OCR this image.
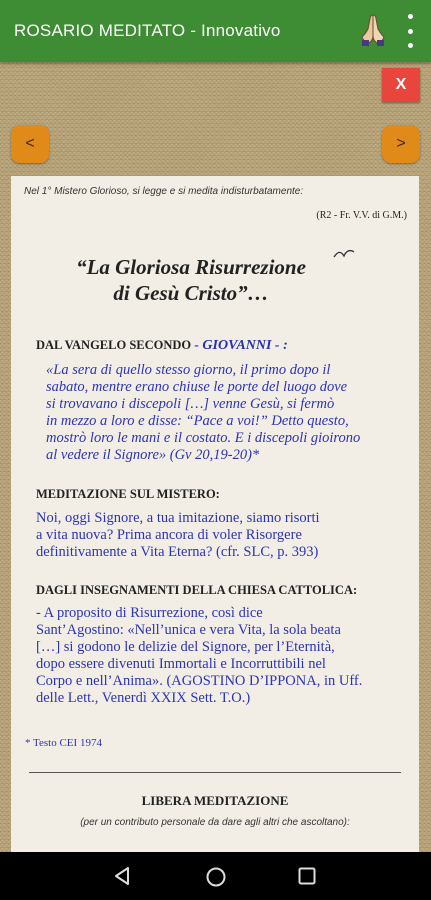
ROSARIO MEDITATO - Innovativo
X
<	>
Nel 1° Mistero Glorioso, si legge e si medita indisturbatamente:
(R2 - Fr. V.V. di G.M.)
“La Gloriosa Risurrezione
di Gesù Cristo”…
DAL VANGELO SECONDO - GIOVANNI - :
«La sera di quello stesso giorno, il primo dopo il
sabato, mentre erano chiuse le porte del luogo dove
si trovavano i discepoli […] venne Gesù, si fermò
in mezzo a loro e disse: “Pace a voi!” Detto questo,
mostrò loro le mani e il costato. E i discepoli gioirono
al vedere il Signore» (Gv 20,19-20)*
MEDITAZIONE SUL MISTERO:
Noi, oggi Signore, a tua imitazione, siamo risorti
a vita nuova? Prima ancora di voler Risorgere
definitivamente a Vita Eterna? (cfr. SLC, p. 393)
DAGLI INSEGNAMENTI DELLA CHIESA CATTOLICA:
- A proposito di Risurrezione, così dice
Sant’Agostino: «Nell’unica e vera Vita, la sola beata
[…] si godono le delizie del Signore, per l’Eternità,
dopo essere divenuti Immortali e Incorruttibili nel
Corpo e nell’Anima». (AGOSTINO D’IPPONA, in Uff.
delle Lett., Venerdì XXIX Sett. T.O.)
* Testo CEI 1974
LIBERA MEDITAZIONE
(per un contributo personale da dare agli altri che ascoltano):
